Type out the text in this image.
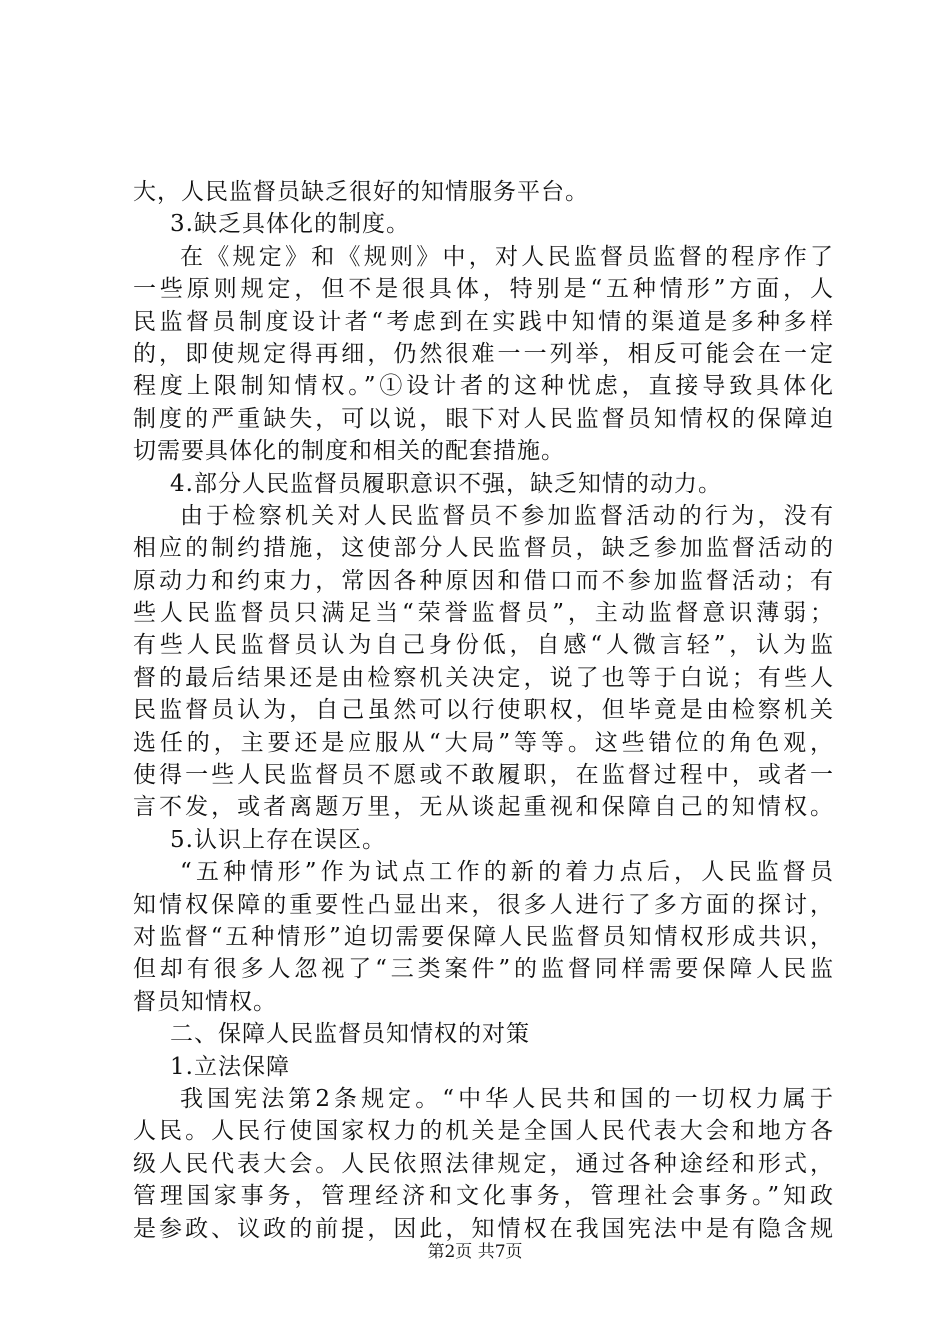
大，人民监督员缺乏很好的知情服务平台。
3.缺乏具体化的制度。
在《规定》和《规则》中，对人民监督员监督的程序作了
一些原则规定，但不是很具体，特别是“五种情形”方面，人
民监督员制度设计者“考虑到在实践中知情的渠道是多种多样
的，即使规定得再细，仍然很难一一列举，相反可能会在一定
程度上限制知情权。”①设计者的这种忧虑，直接导致具体化
制度的严重缺失，可以说，眼下对人民监督员知情权的保障迫
切需要具体化的制度和相关的配套措施。
4.部分人民监督员履职意识不强，缺乏知情的动力。
由于检察机关对人民监督员不参加监督活动的行为，没有
相应的制约措施，这使部分人民监督员，缺乏参加监督活动的
原动力和约束力，常因各种原因和借口而不参加监督活动；有
些人民监督员只满足当“荣誉监督员”，主动监督意识薄弱；
有些人民监督员认为自己身份低，自感“人微言轻”，认为监
督的最后结果还是由检察机关决定，说了也等于白说；有些人
民监督员认为，自己虽然可以行使职权，但毕竟是由检察机关
选任的，主要还是应服从“大局”等等。这些错位的角色观，
使得一些人民监督员不愿或不敢履职，在监督过程中，或者一
言不发，或者离题万里，无从谈起重视和保障自己的知情权。
5.认识上存在误区。
“五种情形”作为试点工作的新的着力点后，人民监督员
知情权保障的重要性凸显出来，很多人进行了多方面的探讨，
对监督“五种情形”迫切需要保障人民监督员知情权形成共识，
但却有很多人忽视了“三类案件”的监督同样需要保障人民监
督员知情权。
二、保障人民监督员知情权的对策
1.立法保障
我国宪法第2条规定。“中华人民共和国的一切权力属于
人民。人民行使国家权力的机关是全国人民代表大会和地方各
级人民代表大会。人民依照法律规定，通过各种途经和形式，
管理国家事务，管理经济和文化事务，管理社会事务。”知政
是参政、议政的前提，因此，知情权在我国宪法中是有隐含规
第2页 共7页
